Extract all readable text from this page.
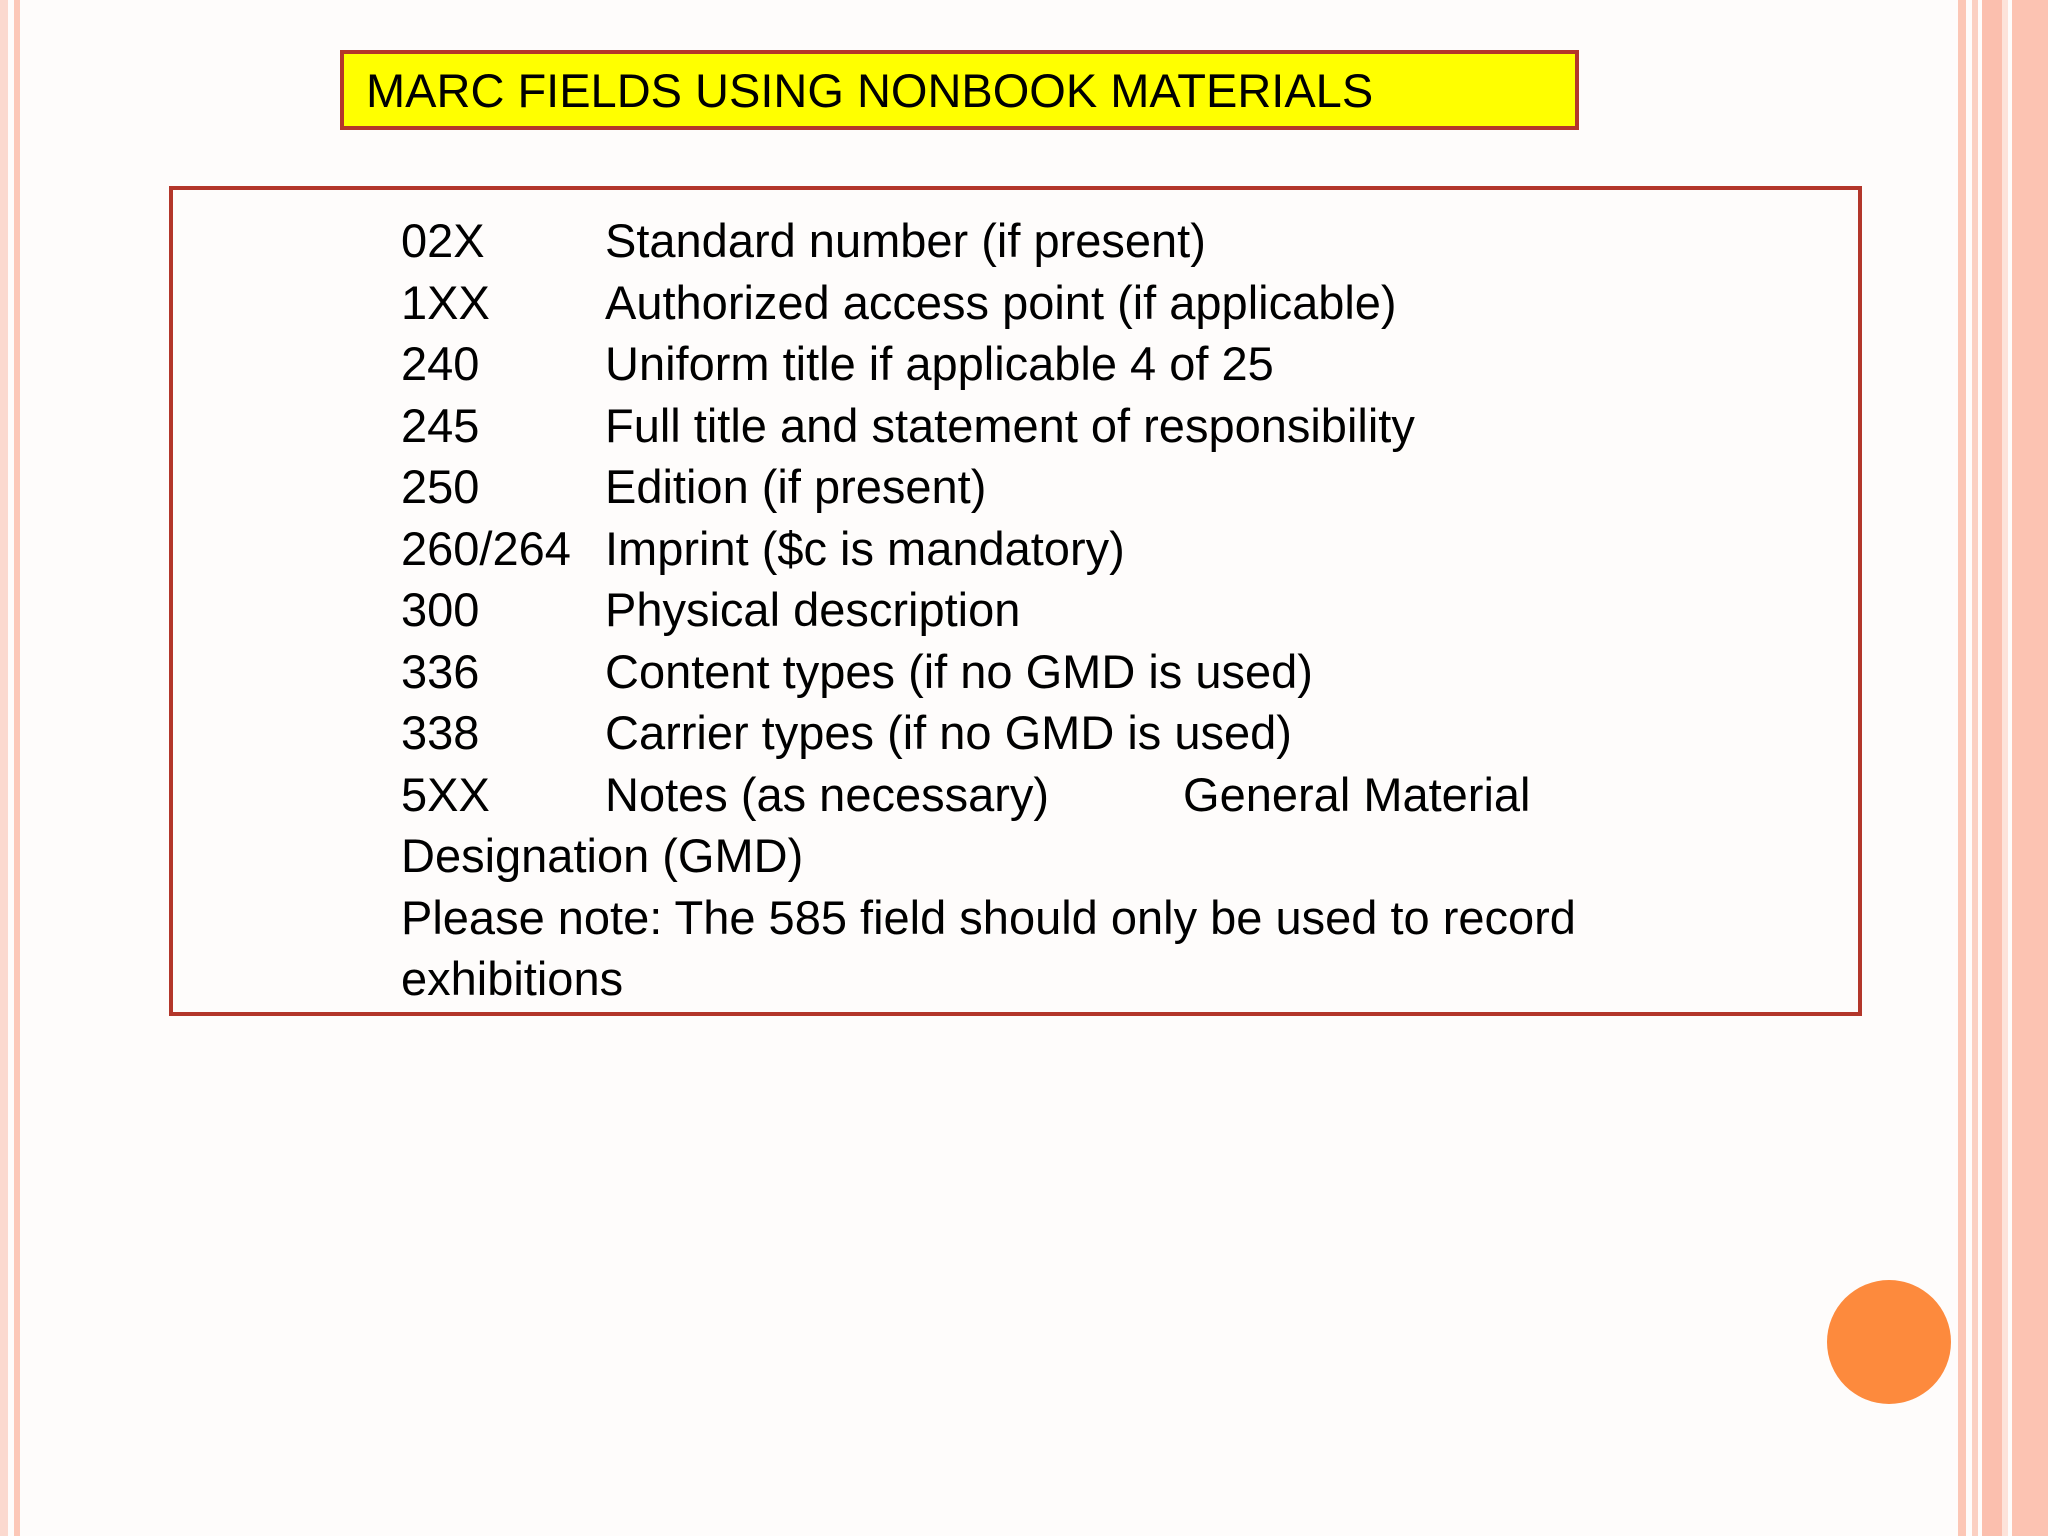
MARC FIELDS USING NONBOOK MATERIALS
02X	Standard number (if present)
1XX	Authorized access point (if applicable)
240	Uniform title if applicable 4 of 25
245	Full title and statement of responsibility
250	Edition (if present)
260/264 Imprint ($c is mandatory)
300	Physical description
336	Content types (if no GMD is used)
338	Carrier types (if no GMD is used)
5XX	Notes (as necessary)	General Material
Designation (GMD)
Please note: The 585 field should only be used to record
exhibitions
